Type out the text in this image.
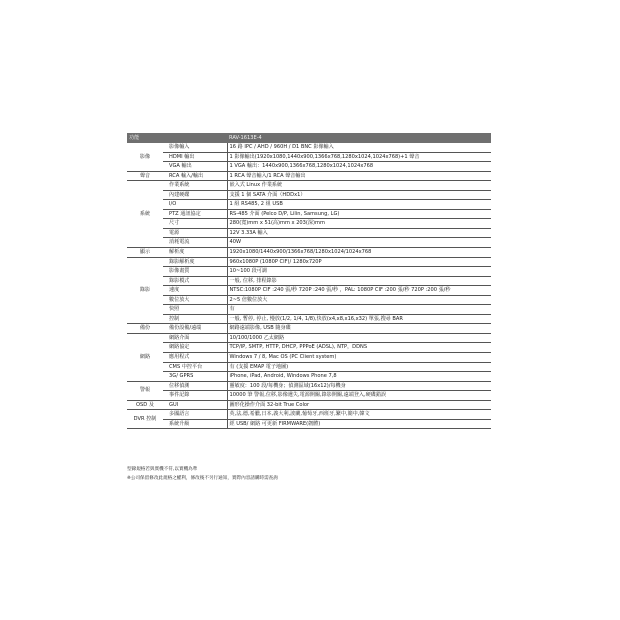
功能		RAV-1613E-4
影像	影像輸入	16 路 IPC / AHD / 960H / D1 BNC 影像輸入
	HDMI 輸出	1 影像輸出(1920x1080,1440x900,1366x768,1280x1024,1024x768)+1 聲音
	VGA 輸出	1 VGA 輸出：1440x900,1366x768,1280x1024,1024x768
聲音	RCA 輸入/輸出	1 RCA 聲音輸入/1 RCA 聲音輸出
系統	作業系統	嵌入式 Linux 作業系統
	內建硬碟	支援 1 個 SATA 介面（HDDx1）
	I/O	1 組 RS485, 2 組 USB
	PTZ 通訊協定	RS-485 介面 (Pelco D/P, Lilin, Samsung, LG)
	尺寸	280(寬)mm x 51(高)mm x 203(深)mm
	電源	12V 3.33A 輸入
	消耗電流	40W
顯示	解析度	1920x1080/1440x900/1366x768/1280x1024/1024x768
錄影	錄影解析度	960x1080P (1080P CIF)/ 1280x720P
	影像畫質	10~100 段可調
	錄影模式	一般, 位移, 排程錄影
	速度	NTSC:1080P CIF :240 張/秒 720P :240 張/秒 ，PAL: 1080P CIF :200 張/秒 720P :200 張/秒
	數位放大	2~5 倍數位放大
	快照	有
	控制	一般, 暫停, 停止, 慢放(1/2, 1/4, 1/8),快放(x4,x8,x16,x32) 單張,搜尋 BAR
備份	備份設備/遠端	網路遠端影像, USB 隨身碟
網路	網路介面	10/100/1000 乙太網路
	網路協定	TCP/IP, SMTP, HTTP, DHCP, PPPoE (ADSL), NTP，DDNS
	應用程式	Windows 7 / 8, Mac OS (PC Client system)
	CMS 中控平台	有 (支援 EMAP 電子地圖)
	3G/ GPRS	iPhone, iPad, Android, Windows Phone 7,8
警報	位移偵測	靈敏度：100 段/每機身；偵測區域(16x12)/每機身
	事件記錄	10000 筆 警報,位移,影像遺失,電源開關,錄影開關,遠端登入,硬碟錯誤
OSD 及	GUI	圖形化操作介面 32-bit True Color
DVR 控制	多國語言	英,法,德,希臘,日本,義大利,波蘭,葡萄牙,西班牙,繁中,簡中,韓文
	系統升級	經 USB/ 網路 可更新 FIRMWARE(韌體)
型錄規格若與實機不符,以實機為準
※公司保留修改此規格之權利，修改後不另行通知，實際內容請購時需查詢
